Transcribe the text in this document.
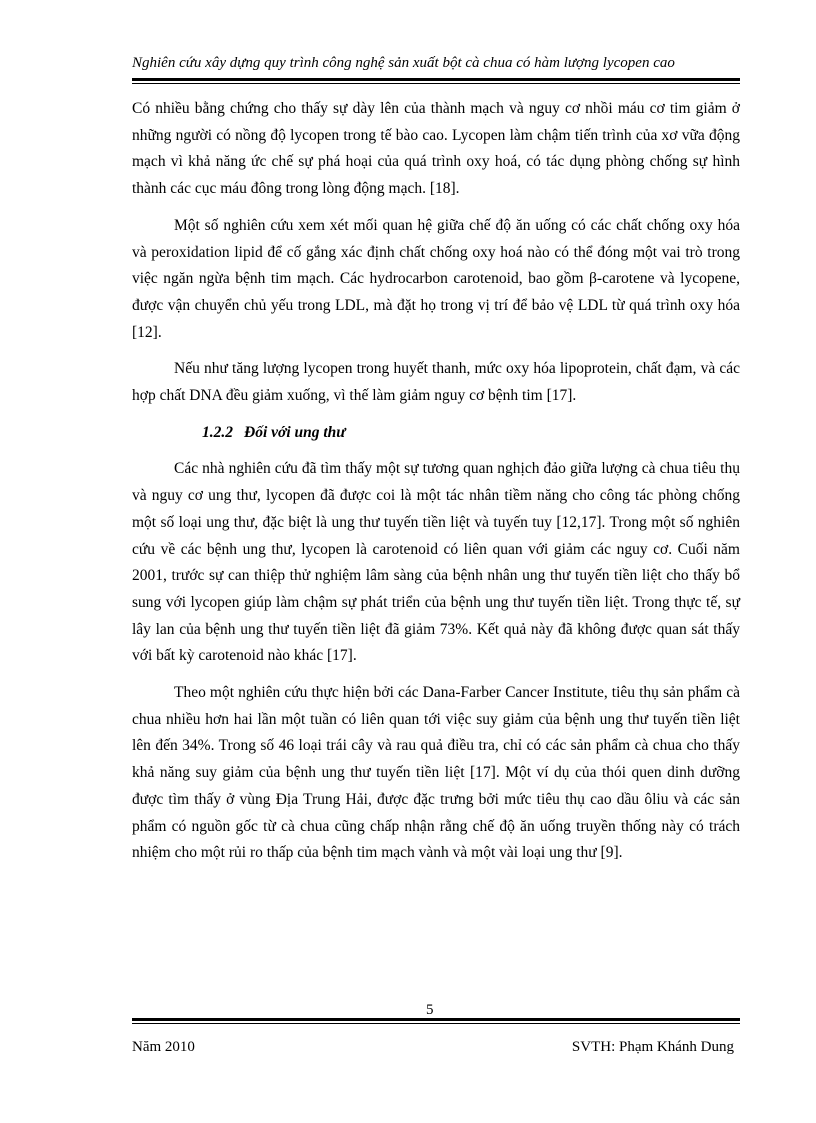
Nghiên cứu xây dựng quy trình công nghệ sản xuất bột cà chua có hàm lượng lycopen cao

Có nhiều bằng chứng cho thấy sự dày lên của thành mạch và nguy cơ nhồi máu cơ tim giảm ở những người có nồng độ lycopen trong tế bào cao. Lycopen làm chậm tiến trình của xơ vữa động mạch vì khả năng ức chế sự phá hoại của quá trình oxy hoá, có tác dụng phòng chống sự hình thành các cục máu đông trong lòng động mạch. [18].

Một số nghiên cứu xem xét mối quan hệ giữa chế độ ăn uống có các chất chống oxy hóa và peroxidation lipid để cố gắng xác định chất chống oxy hoá nào có thể đóng một vai trò trong việc ngăn ngừa bệnh tim mạch. Các hydrocarbon carotenoid, bao gồm β-carotene và lycopene, được vận chuyển chủ yếu trong LDL, mà đặt họ trong vị trí để bảo vệ LDL từ quá trình oxy hóa [12].

Nếu như tăng lượng lycopen trong huyết thanh, mức oxy hóa lipoprotein, chất đạm, và các hợp chất DNA đều giảm xuống, vì thế làm giảm nguy cơ bệnh tim [17].

1.2.2 Đối với ung thư

Các nhà nghiên cứu đã tìm thấy một sự tương quan nghịch đảo giữa lượng cà chua tiêu thụ và nguy cơ ung thư, lycopen đã được coi là một tác nhân tiềm năng cho công tác phòng chống một số loại ung thư, đặc biệt là ung thư tuyến tiền liệt và tuyến tuy [12,17]. Trong một số nghiên cứu về các bệnh ung thư, lycopen là carotenoid có liên quan với giảm các nguy cơ. Cuối năm 2001, trước sự can thiệp thử nghiệm lâm sàng của bệnh nhân ung thư tuyến tiền liệt cho thấy bổ sung với lycopen giúp làm chậm sự phát triển của bệnh ung thư tuyến tiền liệt. Trong thực tế, sự lây lan của bệnh ung thư tuyến tiền liệt đã giảm 73%. Kết quả này đã không được quan sát thấy với bất kỳ carotenoid nào khác [17].

Theo một nghiên cứu thực hiện bởi các Dana-Farber Cancer Institute, tiêu thụ sản phẩm cà chua nhiều hơn hai lần một tuần có liên quan tới việc suy giảm của bệnh ung thư tuyến tiền liệt lên đến 34%. Trong số 46 loại trái cây và rau quả điều tra, chỉ có các sản phẩm cà chua cho thấy khả năng suy giảm của bệnh ung thư tuyến tiền liệt [17]. Một ví dụ của thói quen dinh dưỡng được tìm thấy ở vùng Địa Trung Hải, được đặc trưng bởi mức tiêu thụ cao dầu ôliu và các sản phẩm có nguồn gốc từ cà chua cũng chấp nhận rằng chế độ ăn uống truyền thống này có trách nhiệm cho một rủi ro thấp của bệnh tim mạch vành và một vài loại ung thư [9].

5
Năm 2010	SVTH: Phạm Khánh Dung
